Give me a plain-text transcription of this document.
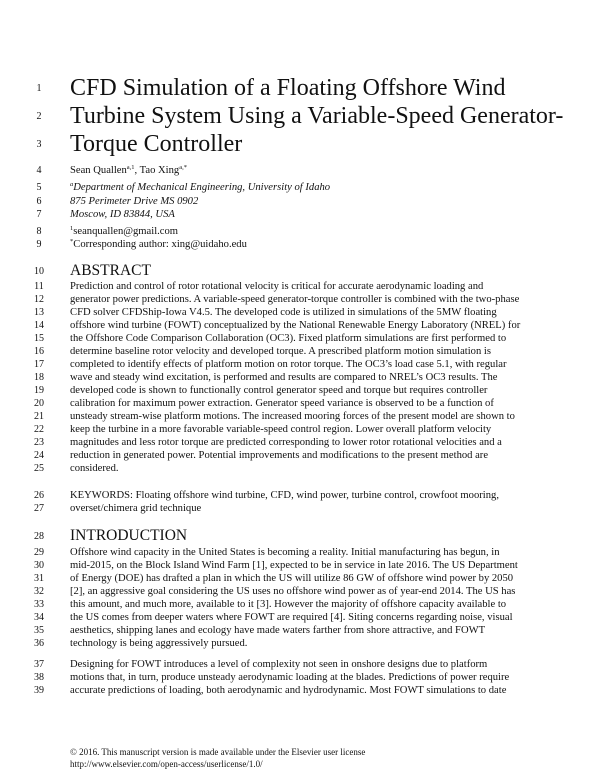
1
2
3
4
5
6
7
8
9
10
11
12
13
14
15
16
17
18
19
20
21
22
23
24
25
26
27
28
29
30
31
32
33
34
35
36
37
38
39
CFD Simulation of a Floating Offshore Wind
Turbine System Using a Variable-Speed Generator-
Torque Controller
Sean Quallen$^{a,1}$, Tao Xing$^{a,*}$
$^a$Department of Mechanical Engineering, University of Idaho
875 Perimeter Drive MS 0902
Moscow, ID 83844, USA
$^1$seanquallen@gmail.com
*Corresponding author: xing@uidaho.edu
ABSTRACT
Prediction and control of rotor rotational velocity is critical for accurate aerodynamic loading and
generator power predictions. A variable-speed generator-torque controller is combined with the two-phase
CFD solver CFDShip-Iowa V4.5. The developed code is utilized in simulations of the 5MW floating
offshore wind turbine (FOWT) conceptualized by the National Renewable Energy Laboratory (NREL) for
the Offshore Code Comparison Collaboration (OC3). Fixed platform simulations are first performed to
determine baseline rotor velocity and developed torque. A prescribed platform motion simulation is
completed to identify effects of platform motion on rotor torque. The OC3’s load case 5.1, with regular
wave and steady wind excitation, is performed and results are compared to NREL’s OC3 results. The
developed code is shown to functionally control generator speed and torque but requires controller
calibration for maximum power extraction. Generator speed variance is observed to be a function of
unsteady stream-wise platform motions. The increased mooring forces of the present model are shown to
keep the turbine in a more favorable variable-speed control region. Lower overall platform velocity
magnitudes and less rotor torque are predicted corresponding to lower rotor rotational velocities and a
reduction in generated power. Potential improvements and modifications to the present method are
considered.
KEYWORDS: Floating offshore wind turbine, CFD, wind power, turbine control, crowfoot mooring,
overset/chimera grid technique
INTRODUCTION
Offshore wind capacity in the United States is becoming a reality. Initial manufacturing has begun, in
mid-2015, on the Block Island Wind Farm [1], expected to be in service in late 2016. The US Department
of Energy (DOE) has drafted a plan in which the US will utilize 86 GW of offshore wind power by 2050
[2], an aggressive goal considering the US uses no offshore wind power as of year-end 2014. The US has
this amount, and much more, available to it [3]. However the majority of offshore capacity available to
the US comes from deeper waters where FOWT are required [4]. Siting concerns regarding noise, visual
aesthetics, shipping lanes and ecology have made waters farther from shore attractive, and FOWT
technology is being aggressively pursued.
Designing for FOWT introduces a level of complexity not seen in onshore designs due to platform
motions that, in turn, produce unsteady aerodynamic loading at the blades. Predictions of power require
accurate predictions of loading, both aerodynamic and hydrodynamic. Most FOWT simulations to date
© 2016. This manuscript version is made available under the Elsevier user license
http://www.elsevier.com/open-access/userlicense/1.0/
